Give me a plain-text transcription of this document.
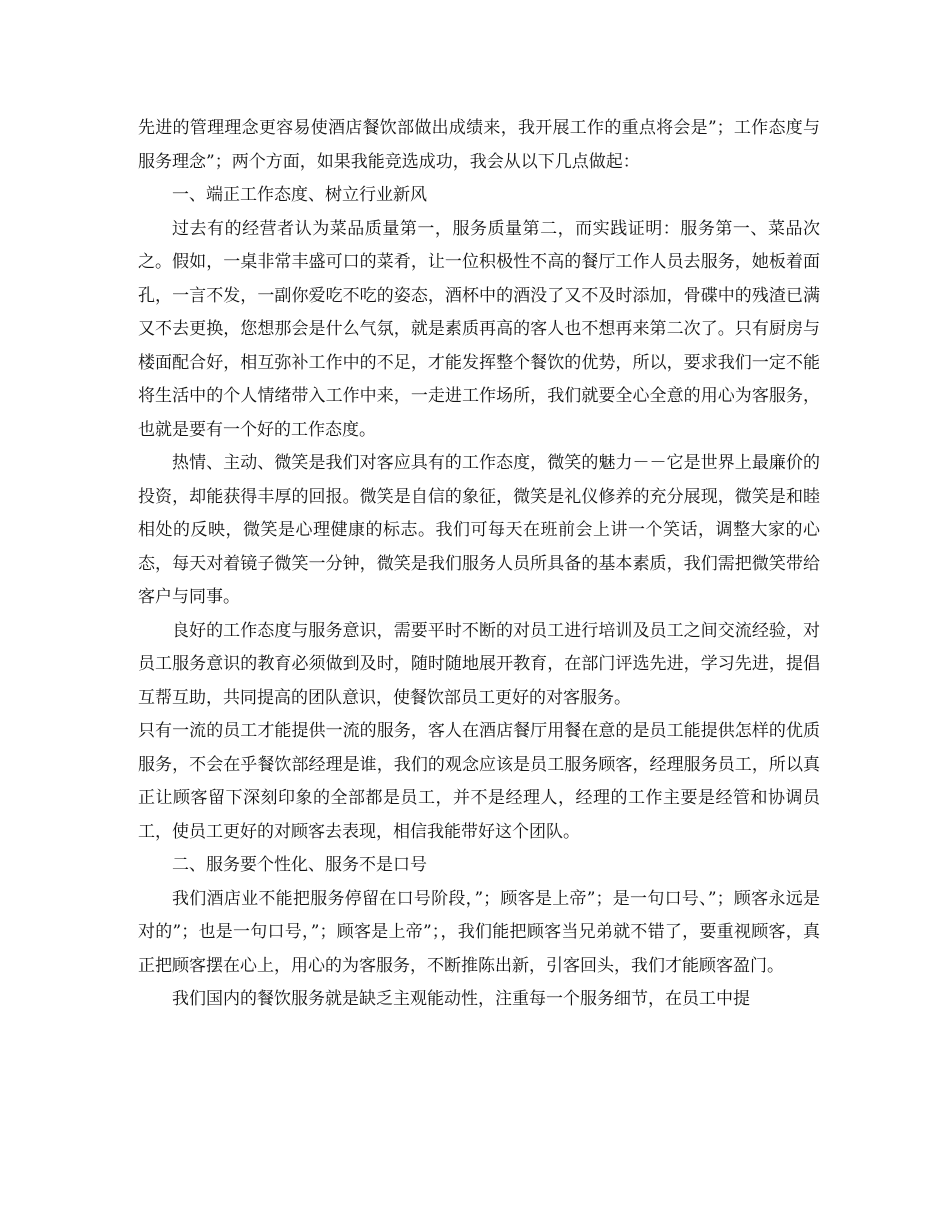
先进的管理理念更容易使酒店餐饮部做出成绩来，我开展工作的重点将会是”；工作态度与服务理念”；两个方面，如果我能竞选成功，我会从以下几点做起：

一、端正工作态度、树立行业新风

过去有的经营者认为菜品质量第一，服务质量第二，而实践证明：服务第一、菜品次之。假如，一桌非常丰盛可口的菜肴，让一位积极性不高的餐厅工作人员去服务，她板着面孔，一言不发，一副你爱吃不吃的姿态，酒杯中的酒没了又不及时添加，骨碟中的残渣已满又不去更换，您想那会是什么气氛，就是素质再高的客人也不想再来第二次了。只有厨房与楼面配合好，相互弥补工作中的不足，才能发挥整个餐饮的优势，所以，要求我们一定不能将生活中的个人情绪带入工作中来，一走进工作场所，我们就要全心全意的用心为客服务，也就是要有一个好的工作态度。

热情、主动、微笑是我们对客应具有的工作态度，微笑的魅力－－它是世界上最廉价的投资，却能获得丰厚的回报。微笑是自信的象征，微笑是礼仪修养的充分展现，微笑是和睦相处的反映，微笑是心理健康的标志。我们可每天在班前会上讲一个笑话，调整大家的心态，每天对着镜子微笑一分钟，微笑是我们服务人员所具备的基本素质，我们需把微笑带给客户与同事。

良好的工作态度与服务意识，需要平时不断的对员工进行培训及员工之间交流经验，对员工服务意识的教育必须做到及时，随时随地展开教育，在部门评选先进，学习先进，提倡互帮互助，共同提高的团队意识，使餐饮部员工更好的对客服务。

只有一流的员工才能提供一流的服务，客人在酒店餐厅用餐在意的是员工能提供怎样的优质服务，不会在乎餐饮部经理是谁，我们的观念应该是员工服务顾客，经理服务员工，所以真正让顾客留下深刻印象的全部都是员工，并不是经理人，经理的工作主要是经管和协调员工，使员工更好的对顾客去表现，相信我能带好这个团队。

二、服务要个性化、服务不是口号

我们酒店业不能把服务停留在口号阶段，”；顾客是上帝”；是一句口号、”；顾客永远是对的”；也是一句口号，”；顾客是上帝”；，我们能把顾客当兄弟就不错了，要重视顾客，真正把顾客摆在心上，用心的为客服务，不断推陈出新，引客回头，我们才能顾客盈门。

我们国内的餐饮服务就是缺乏主观能动性，注重每一个服务细节，在员工中提
